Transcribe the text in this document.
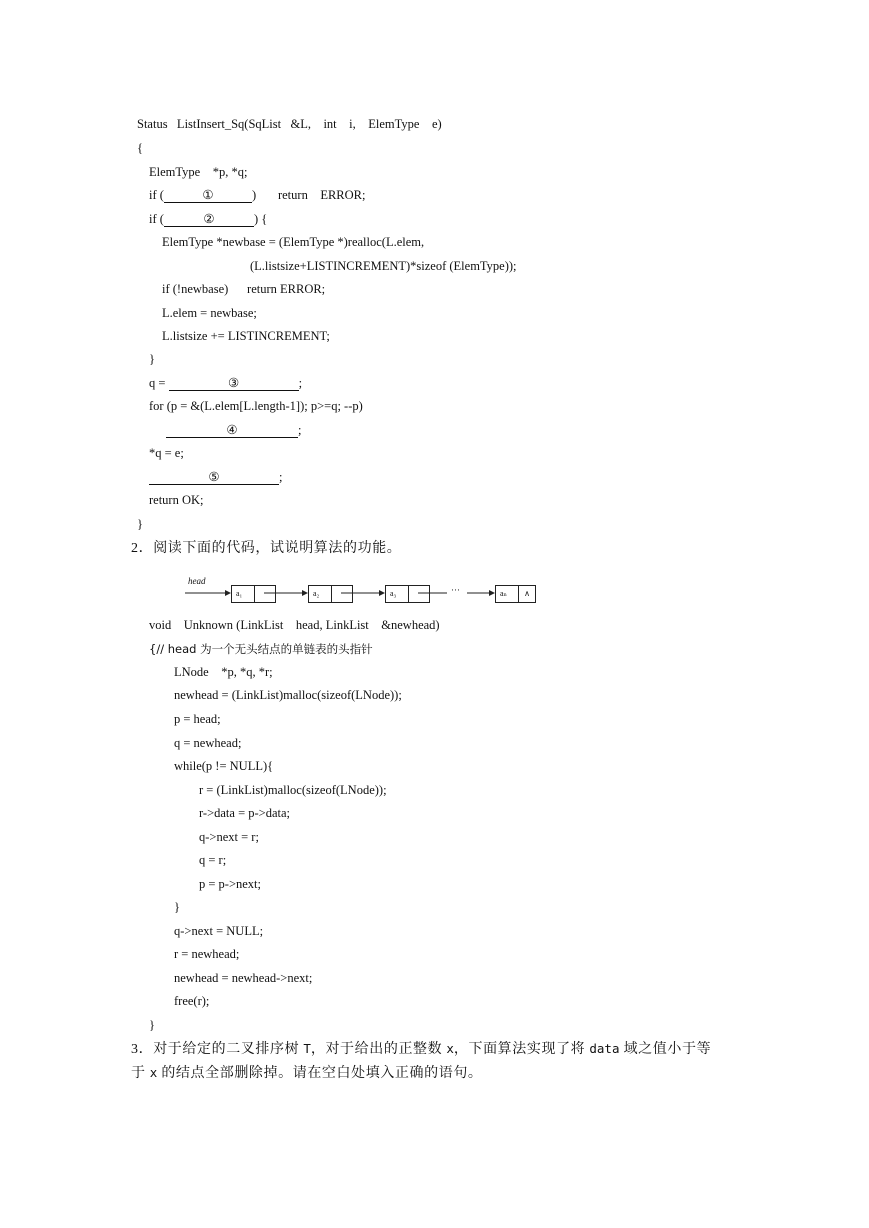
Status   ListInsert_Sq(SqList   &L,    int    i,    ElemType    e)
{
ElemType    *p, *q;
if (	①	)       return    ERROR;
if (	②	) {
ElemType *newbase = (ElemType *)realloc(L.elem,
(L.listsize+LISTINCREMENT)*sizeof (ElemType));
if (!newbase)      return ERROR;
L.elem = newbase;
L.listsize += LISTINCREMENT;
}
q =	③	;
for (p = &(L.elem[L.length-1]); p>=q; --p)
④	;
*q = e;
⑤	;
return OK;
}
2．阅读下面的代码，试说明算法的功能。
head
a₁	a₂	a₃	···	aₙ	∧
void    Unknown (LinkList    head, LinkList    &newhead)
{// head 为一个无头结点的单链表的头指针
LNode    *p, *q, *r;
newhead = (LinkList)malloc(sizeof(LNode));
p = head;
q = newhead;
while(p != NULL){
r = (LinkList)malloc(sizeof(LNode));
r->data = p->data;
q->next = r;
q = r;
p = p->next;
}
q->next = NULL;
r = newhead;
newhead = newhead->next;
free(r);
}
3．对于给定的二叉排序树 T，对于给出的正整数 x，下面算法实现了将 data 域之值小于等
于 x 的结点全部删除掉。请在空白处填入正确的语句。
